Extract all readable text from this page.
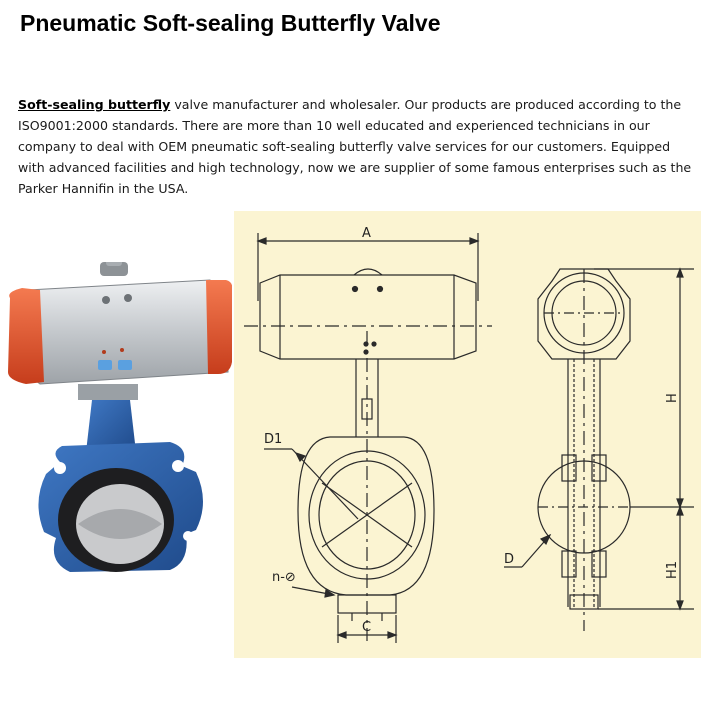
Pneumatic Soft-sealing Butterfly Valve

Soft-sealing butterfly valve manufacturer and wholesaler. Our products are produced according to the ISO9001:2000 standards. There are more than 10 well educated and experienced technicians in our company to deal with OEM pneumatic soft-sealing butterfly valve services for our customers. Equipped with advanced facilities and high technology, now we are supplier of some famous enterprises such as the Parker Hannifin in the USA.

A
D1
n-⊘
C
D
H
H1
